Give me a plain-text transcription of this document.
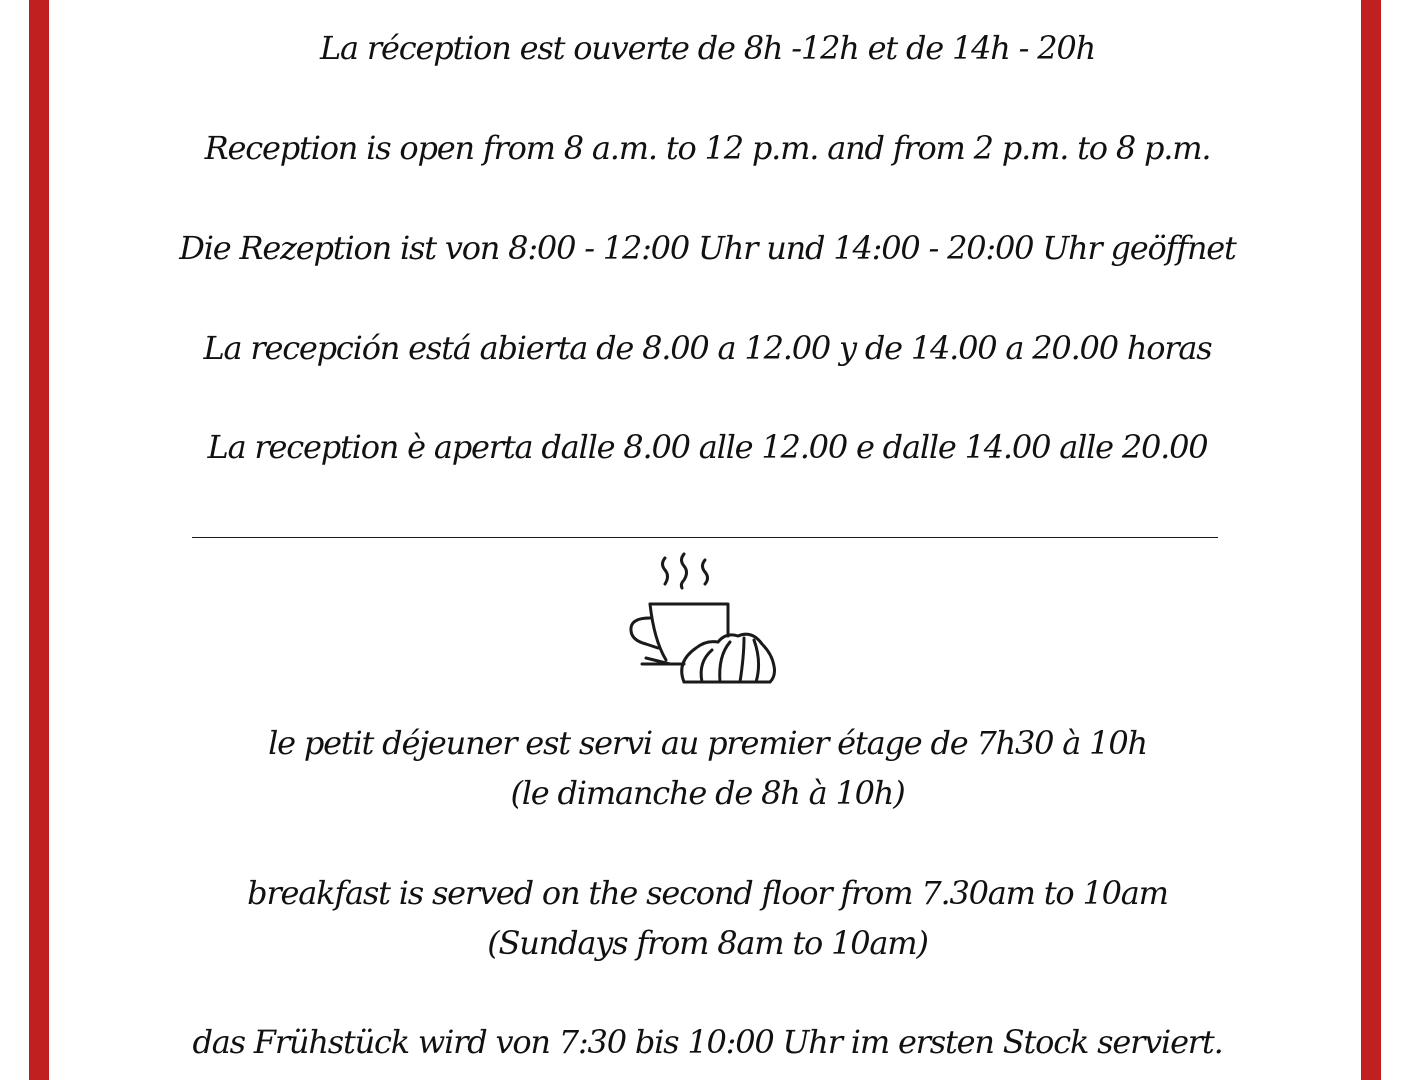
La réception est ouverte de 8h -12h et de 14h - 20h
Reception is open from 8 a.m. to 12 p.m. and from 2 p.m. to 8 p.m.
Die Rezeption ist von 8:00 - 12:00 Uhr und 14:00 - 20:00 Uhr geöffnet
La recepción está abierta de 8.00 a 12.00 y de 14.00 a 20.00 horas
La reception è aperta dalle 8.00 alle 12.00 e dalle 14.00 alle 20.00
le petit déjeuner est servi au premier étage de 7h30 à 10h
(le dimanche de 8h à 10h)
breakfast is served on the second floor from 7.30am to 10am
(Sundays from 8am to 10am)
das Frühstück wird von 7:30 bis 10:00 Uhr im ersten Stock serviert.
